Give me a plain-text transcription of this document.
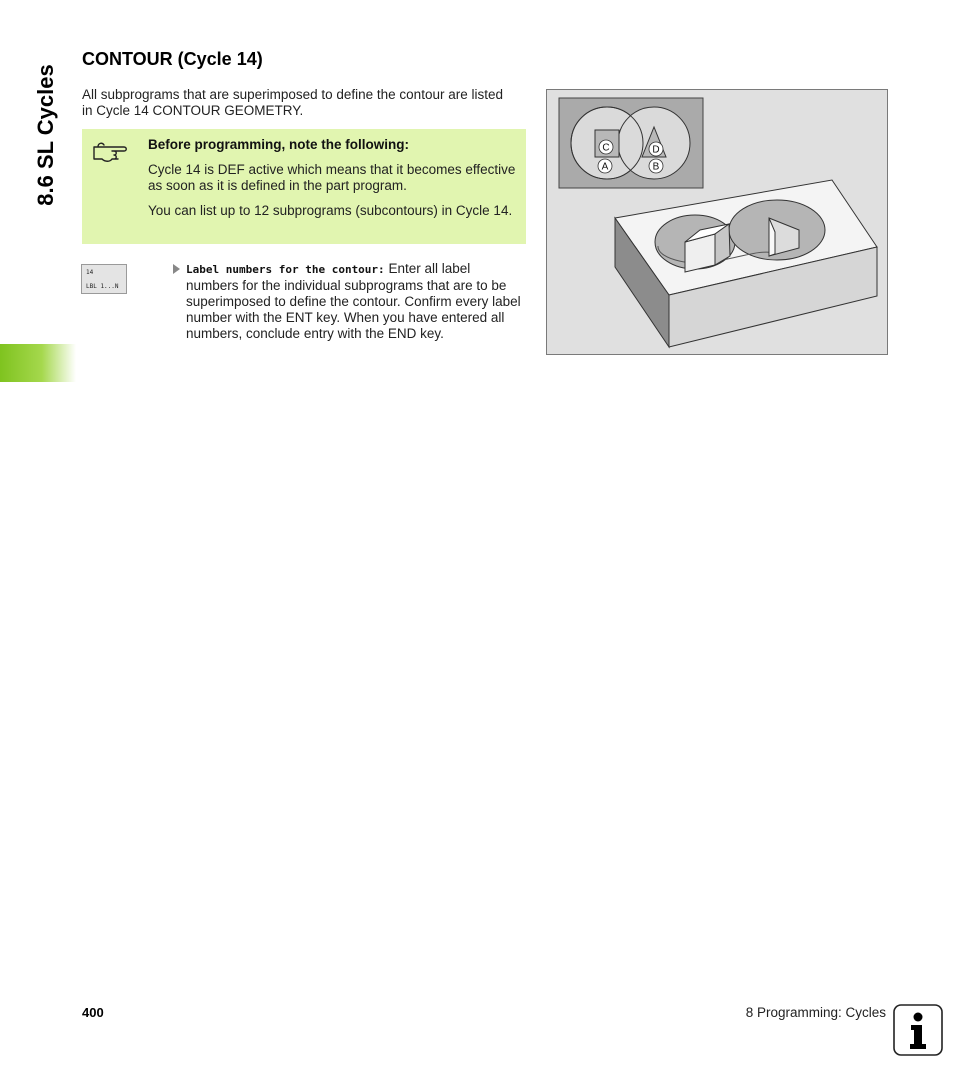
8.6 SL Cycles
CONTOUR (Cycle 14)

All subprograms that are superimposed to define the contour are listed in Cycle 14 CONTOUR GEOMETRY.

Before programming, note the following:

Cycle 14 is DEF active which means that it becomes effective as soon as it is defined in the part program.

You can list up to 12 subprograms (subcontours) in Cycle 14.

14
LBL 1...N

Label numbers for the contour: Enter all label numbers for the individual subprograms that are to be superimposed to define the contour. Confirm every label number with the ENT key. When you have entered all numbers, conclude entry with the END key.

C	D
A	B
400	8 Programming: Cycles
